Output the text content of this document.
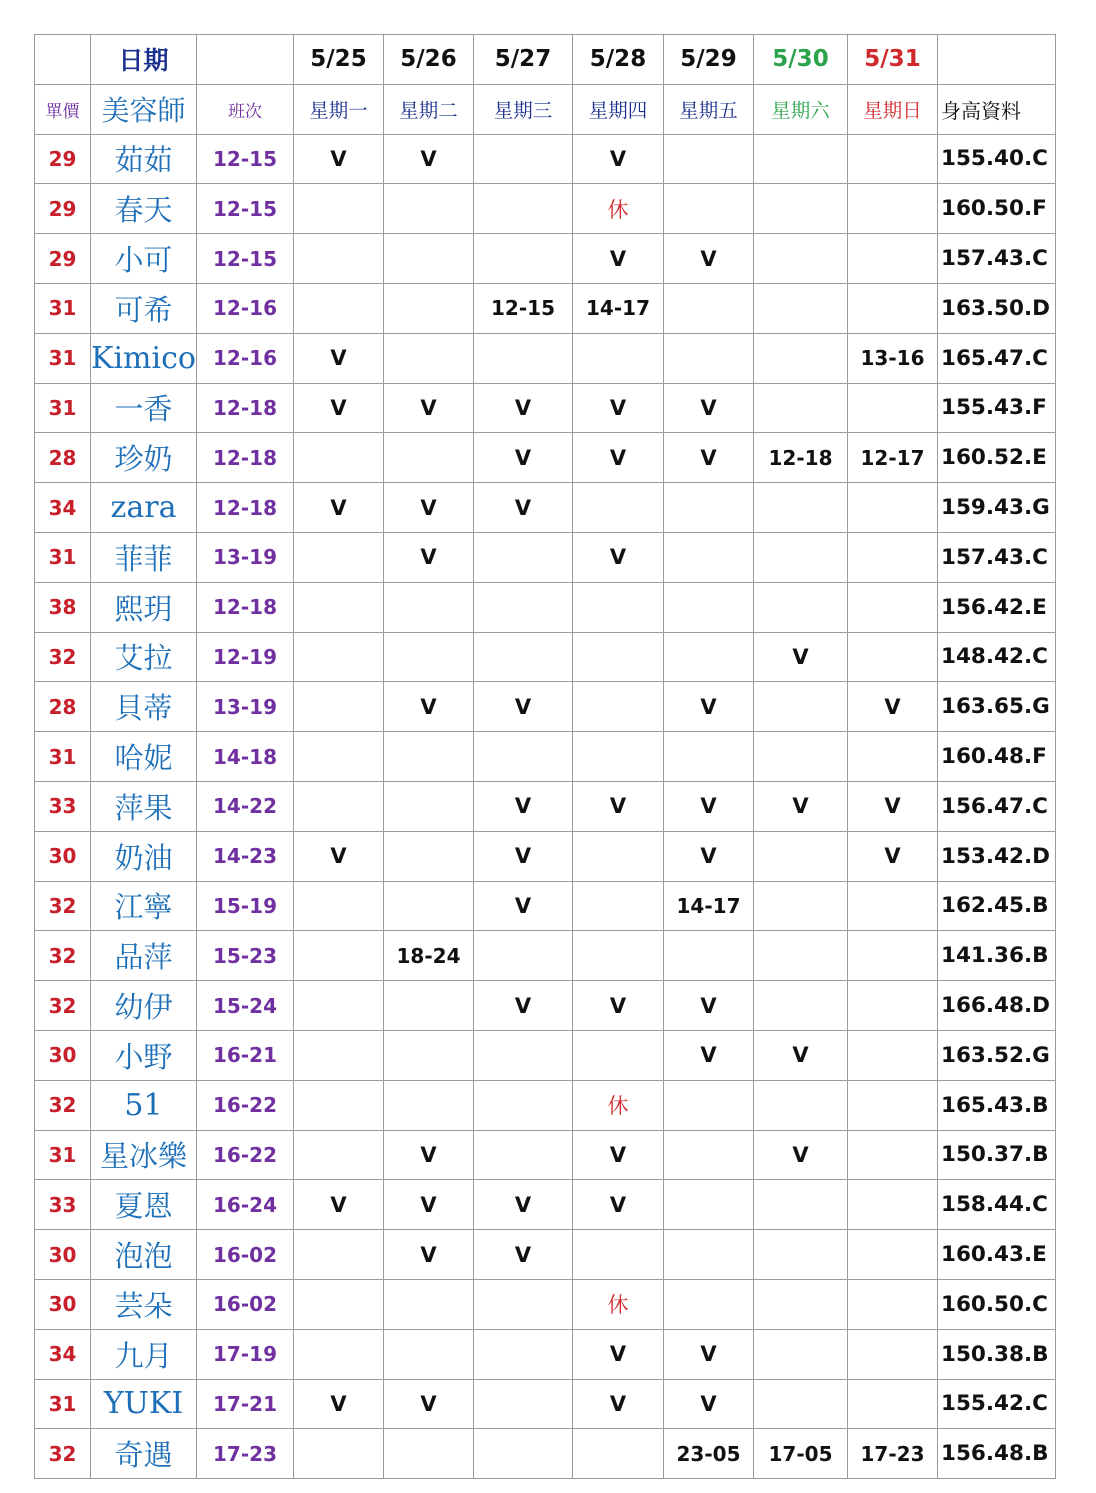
	日期		5/25	5/26	5/27	5/28	5/29	5/30	5/31	
單價	美容師	班次	星期一	星期二	星期三	星期四	星期五	星期六	星期日	身高資料
29	茹茹	12-15	V	V		V				155.40.C
29	春天	12-15				休				160.50.F
29	小可	12-15				V	V			157.43.C
31	可希	12-16			12-15	14-17				163.50.D
31	Kimico	12-16	V						13-16	165.47.C
31	一香	12-18	V	V	V	V	V			155.43.F
28	珍奶	12-18			V	V	V	12-18	12-17	160.52.E
34	zara	12-18	V	V	V					159.43.G
31	菲菲	13-19		V		V				157.43.C
38	熙玥	12-18								156.42.E
32	艾拉	12-19						V		148.42.C
28	貝蒂	13-19		V	V		V		V	163.65.G
31	哈妮	14-18								160.48.F
33	萍果	14-22			V	V	V	V	V	156.47.C
30	奶油	14-23	V		V		V		V	153.42.D
32	江寧	15-19			V		14-17			162.45.B
32	品萍	15-23		18-24						141.36.B
32	幼伊	15-24			V	V	V			166.48.D
30	小野	16-21					V	V		163.52.G
32	51	16-22				休				165.43.B
31	星冰樂	16-22		V		V		V		150.37.B
33	夏恩	16-24	V	V	V	V				158.44.C
30	泡泡	16-02		V	V					160.43.E
30	芸朵	16-02				休				160.50.C
34	九月	17-19				V	V			150.38.B
31	YUKI	17-21	V	V		V	V			155.42.C
32	奇遇	17-23					23-05	17-05	17-23	156.48.B
